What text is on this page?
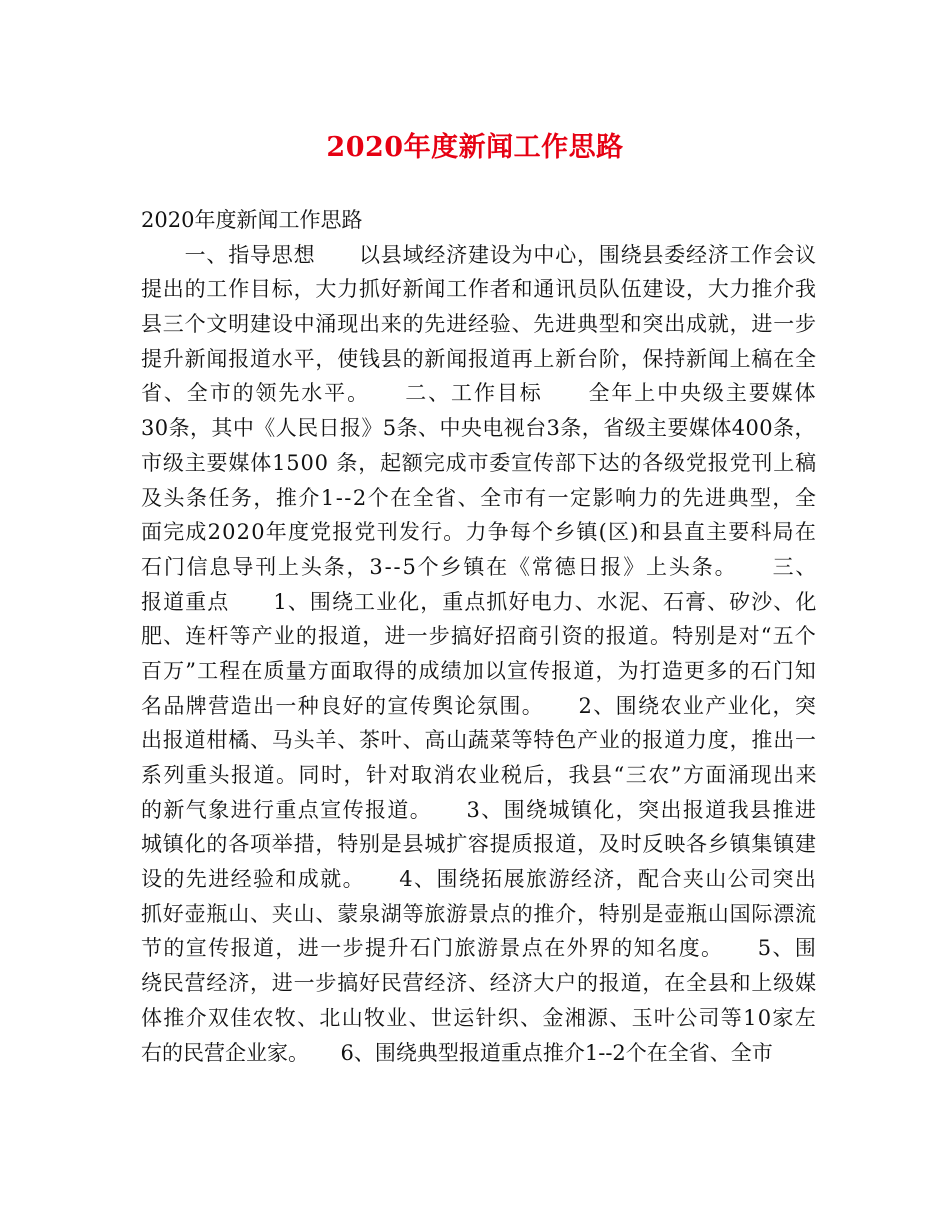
2020年度新闻工作思路
2020年度新闻工作思路
　　一、指导思想　　以县域经济建设为中心，围绕县委经济工作会议
提出的工作目标，大力抓好新闻工作者和通讯员队伍建设，大力推介我
县三个文明建设中涌现出来的先进经验、先进典型和突出成就，进一步
提升新闻报道水平，使钱县的新闻报道再上新台阶，保持新闻上稿在全
省、全市的领先水平。　　二、工作目标　　全年上中央级主要媒体
30条，其中《人民日报》5条、中央电视台3条，省级主要媒体400条，
市级主要媒体1500 条，起额完成市委宣传部下达的各级党报党刊上稿
及头条任务，推介1--2个在全省、全市有一定影响力的先进典型，全
面完成2020年度党报党刊发行。力争每个乡镇(区)和县直主要科局在
石门信息导刊上头条，3--5个乡镇在《常德日报》上头条。　　三、
报道重点　　1、围绕工业化，重点抓好电力、水泥、石膏、矽沙、化
肥、连杆等产业的报道，进一步搞好招商引资的报道。特别是对“五个
百万”工程在质量方面取得的成绩加以宣传报道，为打造更多的石门知
名品牌营造出一种良好的宣传舆论氛围。　　2、围绕农业产业化，突
出报道柑橘、马头羊、茶叶、高山蔬菜等特色产业的报道力度，推出一
系列重头报道。同时，针对取消农业税后，我县“三农”方面涌现出来
的新气象进行重点宣传报道。　　3、围绕城镇化，突出报道我县推进
城镇化的各项举措，特别是县城扩容提质报道，及时反映各乡镇集镇建
设的先进经验和成就。　　4、围绕拓展旅游经济，配合夹山公司突出
抓好壶瓶山、夹山、蒙泉湖等旅游景点的推介，特别是壶瓶山国际漂流
节的宣传报道，进一步提升石门旅游景点在外界的知名度。　　5、围
绕民营经济，进一步搞好民营经济、经济大户的报道，在全县和上级媒
体推介双佳农牧、北山牧业、世运针织、金湘源、玉叶公司等10家左
右的民营企业家。　　6、围绕典型报道重点推介1--2个在全省、全市
